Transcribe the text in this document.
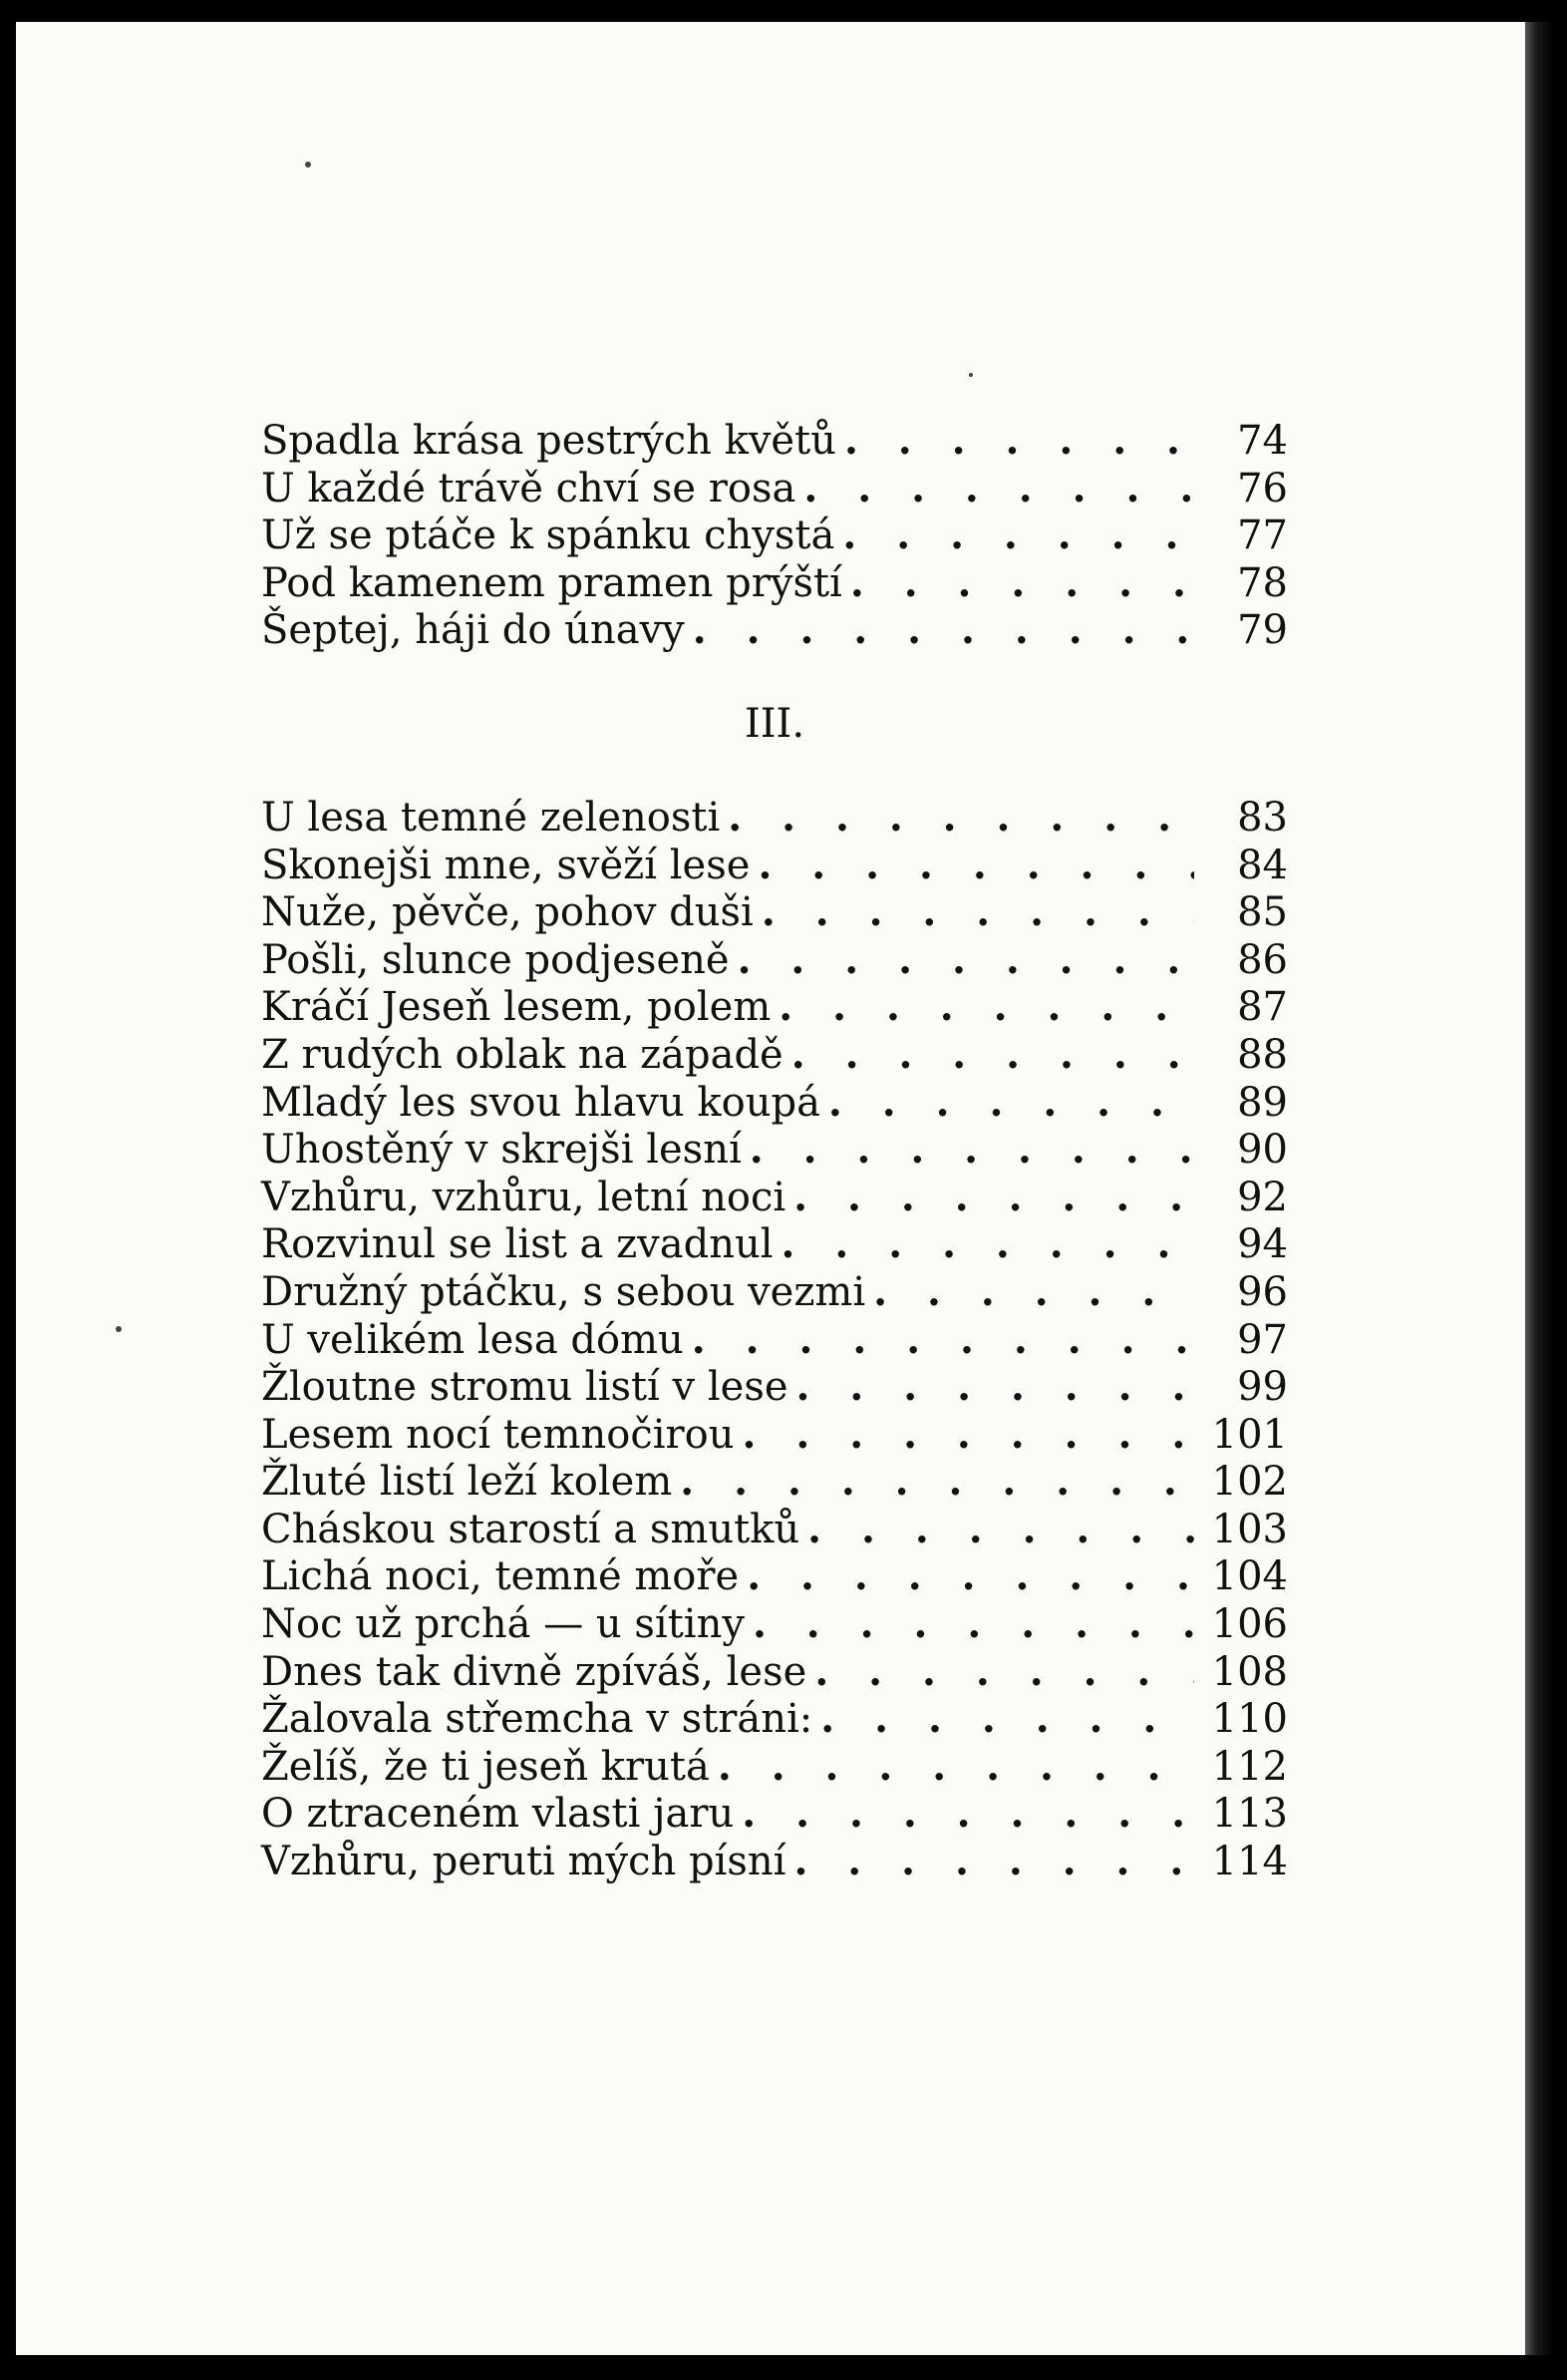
Spadla krása pestrých květů . . .	74
U každé trávě chví se rosa . . .	76
Už se ptáče k spánku chystá . . .	77
Pod kamenem pramen prýští . . .	78
Šeptej, háji do únavy . . .	79
III.
U lesa temné zelenosti . . .	83
Skonejši mne, svěží lese . . .	84
Nuže, pěvče, pohov duši . . .	85
Pošli, slunce podjeseně . . .	86
Kráčí Jeseň lesem, polem . . .	87
Z rudých oblak na západě . . .	88
Mladý les svou hlavu koupá . . .	89
Uhostěný v skrejši lesní . . .	90
Vzhůru, vzhůru, letní noci . . .	92
Rozvinul se list a zvadnul . . .	94
Družný ptáčku, s sebou vezmi . . .	96
U velikém lesa dómu . . .	97
Žloutne stromu listí v lese . . .	99
Lesem nocí temnočirou . . .	101
Žluté listí leží kolem . . .	102
Cháskou starostí a smutků . . .	103
Lichá noci, temné moře . . .	104
Noc už prchá — u sítiny . . .	106
Dnes tak divně zpíváš, lese . . .	108
Žalovala střemcha v stráni: . . .	110
Želíš, že ti jeseň krutá . . .	112
O ztraceném vlasti jaru . . .	113
Vzhůru, peruti mých písní . . .	114
